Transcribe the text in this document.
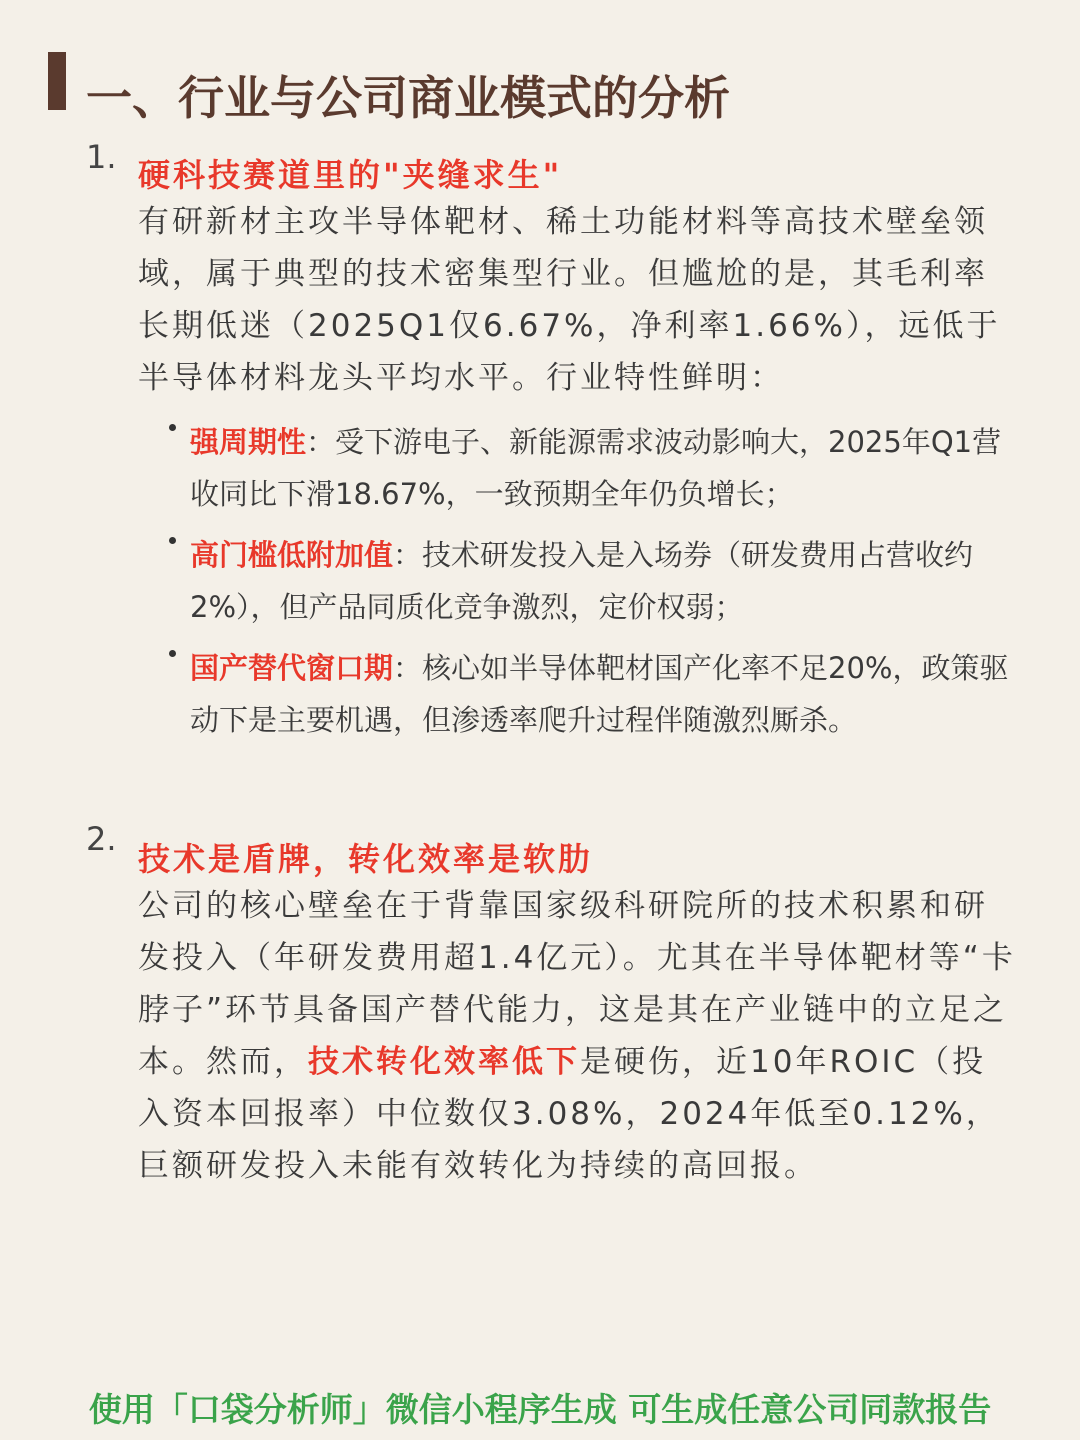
一、行业与公司商业模式的分析
1. 硬科技赛道里的"夹缝求生"

有研新材主攻半导体靶材、稀土功能材料等高技术壁垒领域，属于典型的技术密集型行业。但尴尬的是，其毛利率长期低迷（2025Q1仅6.67%，净利率1.66%），远低于半导体材料龙头平均水平。行业特性鲜明：

强周期性：受下游电子、新能源需求波动影响大，2025年Q1营收同比下滑18.67%，一致预期全年仍负增长；

高门槛低附加值：技术研发投入是入场券（研发费用占营收约2%），但产品同质化竞争激烈，定价权弱；

国产替代窗口期：核心如半导体靶材国产化率不足20%，政策驱动下是主要机遇，但渗透率爬升过程伴随激烈厮杀。

2.
技术是盾牌，转化效率是软肋

公司的核心壁垒在于背靠国家级科研院所的技术积累和研发投入（年研发费用超1.4亿元）。尤其在半导体靶材等“卡脖子”环节具备国产替代能力，这是其在产业链中的立足之本。然而，技术转化效率低下是硬伤，近10年ROIC（投入资本回报率）中位数仅3.08%，2024年低至0.12%，巨额研发投入未能有效转化为持续的高回报。

使用「口袋分析师」微信小程序生成 可生成任意公司同款报告
